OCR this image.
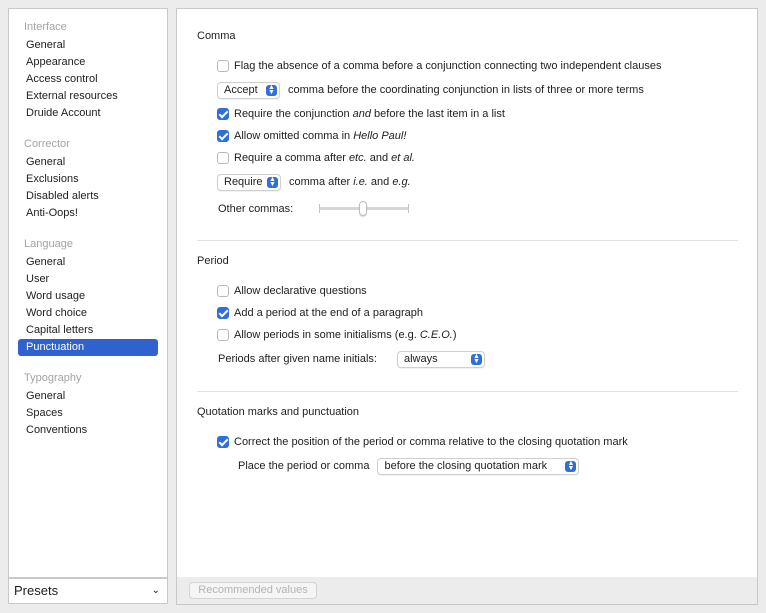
Interface
General
Appearance
Access control
External resources
Druide Account
Corrector
General
Exclusions
Disabled alerts
Anti-Oops!
Language
General
User
Word usage
Word choice
Capital letters
Punctuation
Typography
General
Spaces
Conventions
Presets	⌄
Comma
Flag the absence of a comma before a conjunction connecting two independent clauses
Accept ▲
▼ comma before the coordinating conjunction in lists of three or more terms
Require the conjunction and before the last item in a list
Allow omitted comma in Hello Paul!
Require a comma after etc. and et al.
Require ▲
▼ comma after i.e. and e.g.
Other commas:
Period
Allow declarative questions
Add a period at the end of a paragraph
Allow periods in some initialisms (e.g. C.E.O.)
Periods after given name initials:	always	▲
▼
Quotation marks and punctuation
Correct the position of the period or comma relative to the closing quotation mark
Place the period or comma	before the closing quotation mark	▲
▼
Recommended values
